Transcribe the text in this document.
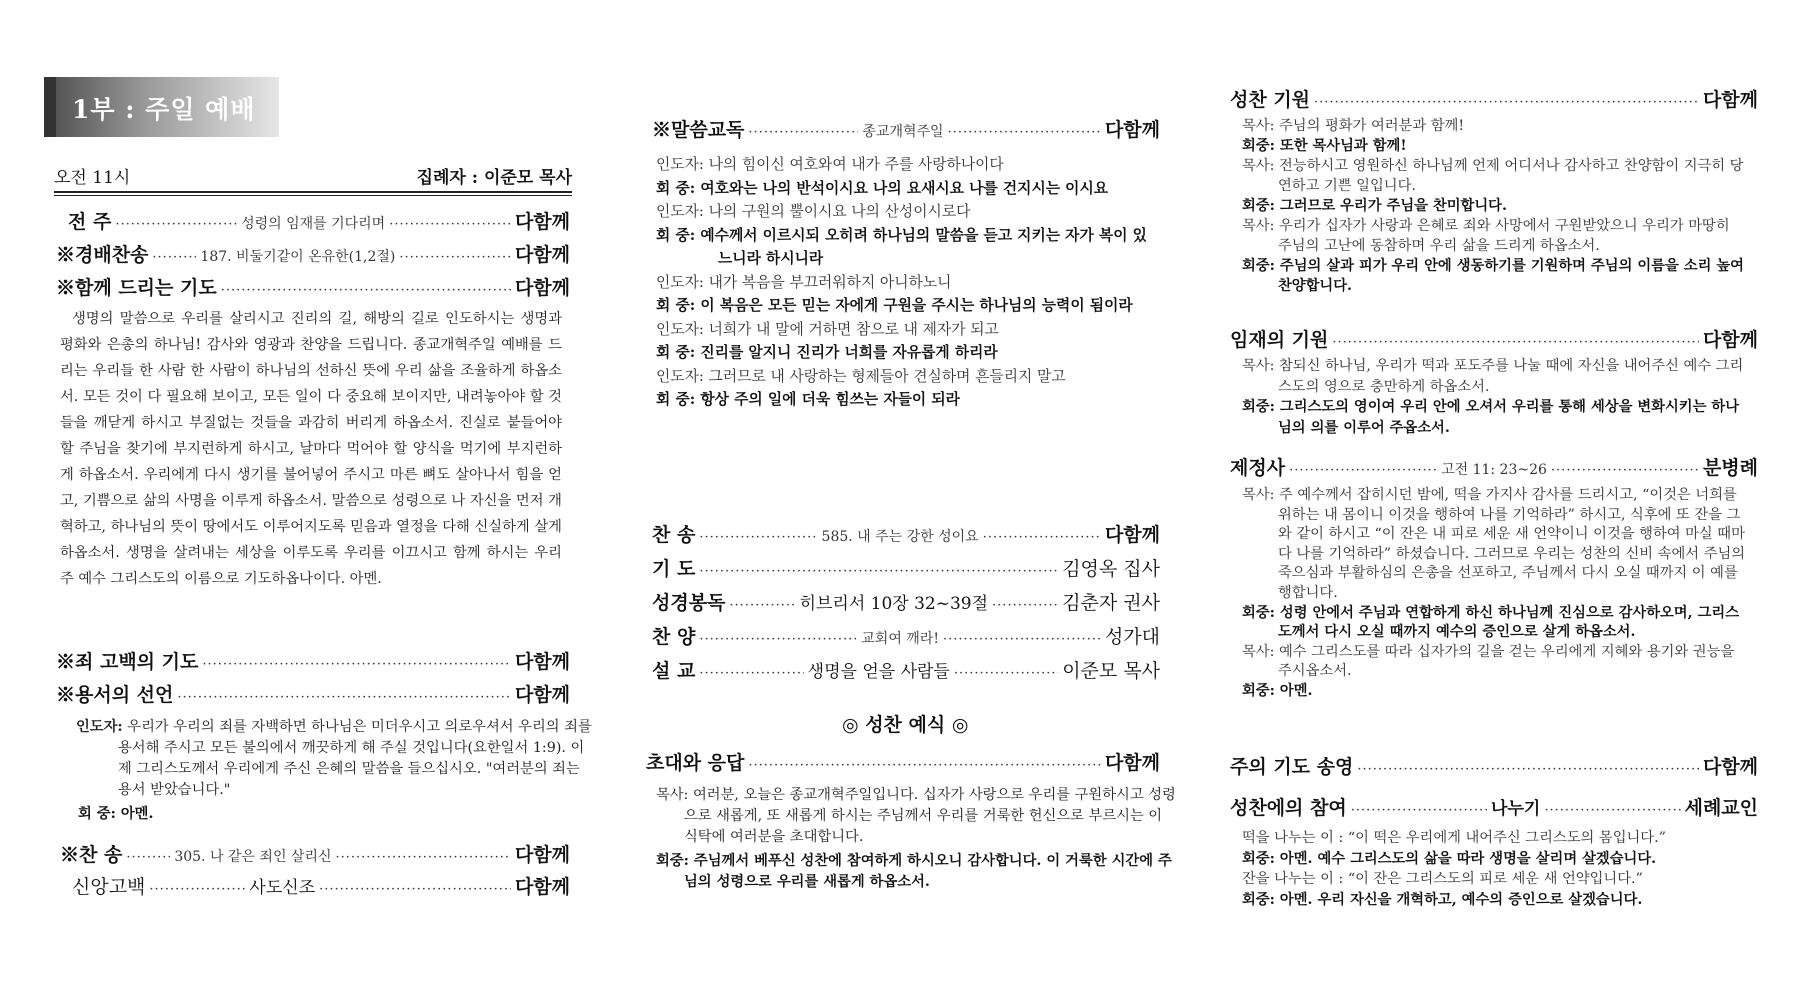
1부 : 주일 예배
오전 11시	집례자 : 이준모 목사
전 주 ·····	성령의 임재를 기다리며 ·····	다함께
※경배찬송 ·····	187. 비둘기같이 온유한(1,2절) ·····	다함께
※함께 드리는 기도 ·····	다함께
생명의 말씀으로 우리를 살리시고 진리의 길, 해방의 길로 인도하시는 생명과 평화와 은총의 하나님! 감사와 영광과 찬양을 드립니다. 종교개혁주일 예배를 드리는 우리들 한 사람 한 사람이 하나님의 선하신 뜻에 우리 삶을 조율하게 하옵소서. 모든 것이 다 필요해 보이고, 모든 일이 다 중요해 보이지만, 내려놓아야 할 것들을 깨닫게 하시고 부질없는 것들을 과감히 버리게 하옵소서. 진실로 붙들어야 할 주님을 찾기에 부지런하게 하시고, 날마다 먹어야 할 양식을 먹기에 부지런하게 하옵소서. 우리에게 다시 생기를 불어넣어 주시고 마른 뼈도 살아나서 힘을 얻고, 기쁨으로 삶의 사명을 이루게 하옵소서. 말씀으로 성령으로 나 자신을 먼저 개혁하고, 하나님의 뜻이 땅에서도 이루어지도록 믿음과 열정을 다해 신실하게 살게 하옵소서. 생명을 살려내는 세상을 이루도록 우리를 이끄시고 함께 하시는 우리 주 예수 그리스도의 이름으로 기도하옵나이다. 아멘.
※죄 고백의 기도 ·····	다함께
※용서의 선언 ·····	다함께
인도자: 우리가 우리의 죄를 자백하면 하나님은 미더우시고 의로우셔서 우리의 죄를 용서해 주시고 모든 불의에서 깨끗하게 해 주실 것입니다(요한일서 1:9). 이제 그리스도께서 우리에게 주신 은혜의 말씀을 들으십시오. "여러분의 죄는 용서 받았습니다."
회 중: 아멘.
※찬 송 ·····	305. 나 같은 죄인 살리신 ·····	다함께
신앙고백 ·····	사도신조 ·····	다함께
※말씀교독 ·····	종교개혁주일 ·····	다함께
인도자: 나의 힘이신 여호와여 내가 주를 사랑하나이다
회 중: 여호와는 나의 반석이시요 나의 요새시요 나를 건지시는 이시요
인도자: 나의 구원의 뿔이시요 나의 산성이시로다
회 중: 예수께서 이르시되 오히려 하나님의 말씀을 듣고 지키는 자가 복이 있느니라 하시니라
인도자: 내가 복음을 부끄러워하지 아니하노니
회 중: 이 복음은 모든 믿는 자에게 구원을 주시는 하나님의 능력이 됨이라
인도자: 너희가 내 말에 거하면 참으로 내 제자가 되고
회 중: 진리를 알지니 진리가 너희를 자유롭게 하리라
인도자: 그러므로 내 사랑하는 형제들아 견실하며 흔들리지 말고
회 중: 항상 주의 일에 더욱 힘쓰는 자들이 되라
찬 송 ·····	585. 내 주는 강한 성이요 ·····	다함께
기 도 ·····	김영옥 집사
성경봉독 ·····	히브리서 10장 32~39절 ·····	김춘자 권사
찬 양 ·····	교회여 깨라! ·····	성가대
설 교 ·····	생명을 얻을 사람들 ·····	이준모 목사
◎ 성찬 예식 ◎
초대와 응답 ·····	다함께
목사: 여러분, 오늘은 종교개혁주일입니다. 십자가 사랑으로 우리를 구원하시고 성령으로 새롭게, 또 새롭게 하시는 주님께서 우리를 거룩한 헌신으로 부르시는 이 식탁에 여러분을 초대합니다.
회중: 주님께서 베푸신 성찬에 참여하게 하시오니 감사합니다. 이 거룩한 시간에 주님의 성령으로 우리를 새롭게 하옵소서.
성찬 기원 ·····	다함께
목사: 주님의 평화가 여러분과 함께!
회중: 또한 목사님과 함께!
목사: 전능하시고 영원하신 하나님께 언제 어디서나 감사하고 찬양함이 지극히 당연하고 기쁜 일입니다.
회중: 그러므로 우리가 주님을 찬미합니다.
목사: 우리가 십자가 사랑과 은혜로 죄와 사망에서 구원받았으니 우리가 마땅히 주님의 고난에 동참하며 우리 삶을 드리게 하옵소서.
회중: 주님의 살과 피가 우리 안에 생동하기를 기원하며 주님의 이름을 소리 높여 찬양합니다.
임재의 기원 ·····	다함께
목사: 참되신 하나님, 우리가 떡과 포도주를 나눌 때에 자신을 내어주신 예수 그리스도의 영으로 충만하게 하옵소서.
회중: 그리스도의 영이여 우리 안에 오셔서 우리를 통해 세상을 변화시키는 하나님의 의를 이루어 주옵소서.
제정사 ·····	고전 11: 23~26 ·····	분병례
목사: 주 예수께서 잡히시던 밤에, 떡을 가지사 감사를 드리시고, “이것은 너희를 위하는 내 몸이니 이것을 행하여 나를 기억하라” 하시고, 식후에 또 잔을 그와 같이 하시고 “이 잔은 내 피로 세운 새 언약이니 이것을 행하여 마실 때마다 나를 기억하라” 하셨습니다. 그러므로 우리는 성찬의 신비 속에서 주님의 죽으심과 부활하심의 은총을 선포하고, 주님께서 다시 오실 때까지 이 예를 행합니다.
회중: 성령 안에서 주님과 연합하게 하신 하나님께 진심으로 감사하오며, 그리스도께서 다시 오실 때까지 예수의 증인으로 살게 하옵소서.
목사: 예수 그리스도를 따라 십자가의 길을 걷는 우리에게 지혜와 용기와 권능을 주시옵소서.
회중: 아멘.
주의 기도 송영 ·····	다함께
성찬에의 참여 ·····	나누기 ·····	세례교인
떡을 나누는 이 : “이 떡은 우리에게 내어주신 그리스도의 몸입니다.”
회중: 아멘. 예수 그리스도의 삶을 따라 생명을 살리며 살겠습니다.
잔을 나누는 이 : “이 잔은 그리스도의 피로 세운 새 언약입니다.”
회중: 아멘. 우리 자신을 개혁하고, 예수의 증인으로 살겠습니다.
